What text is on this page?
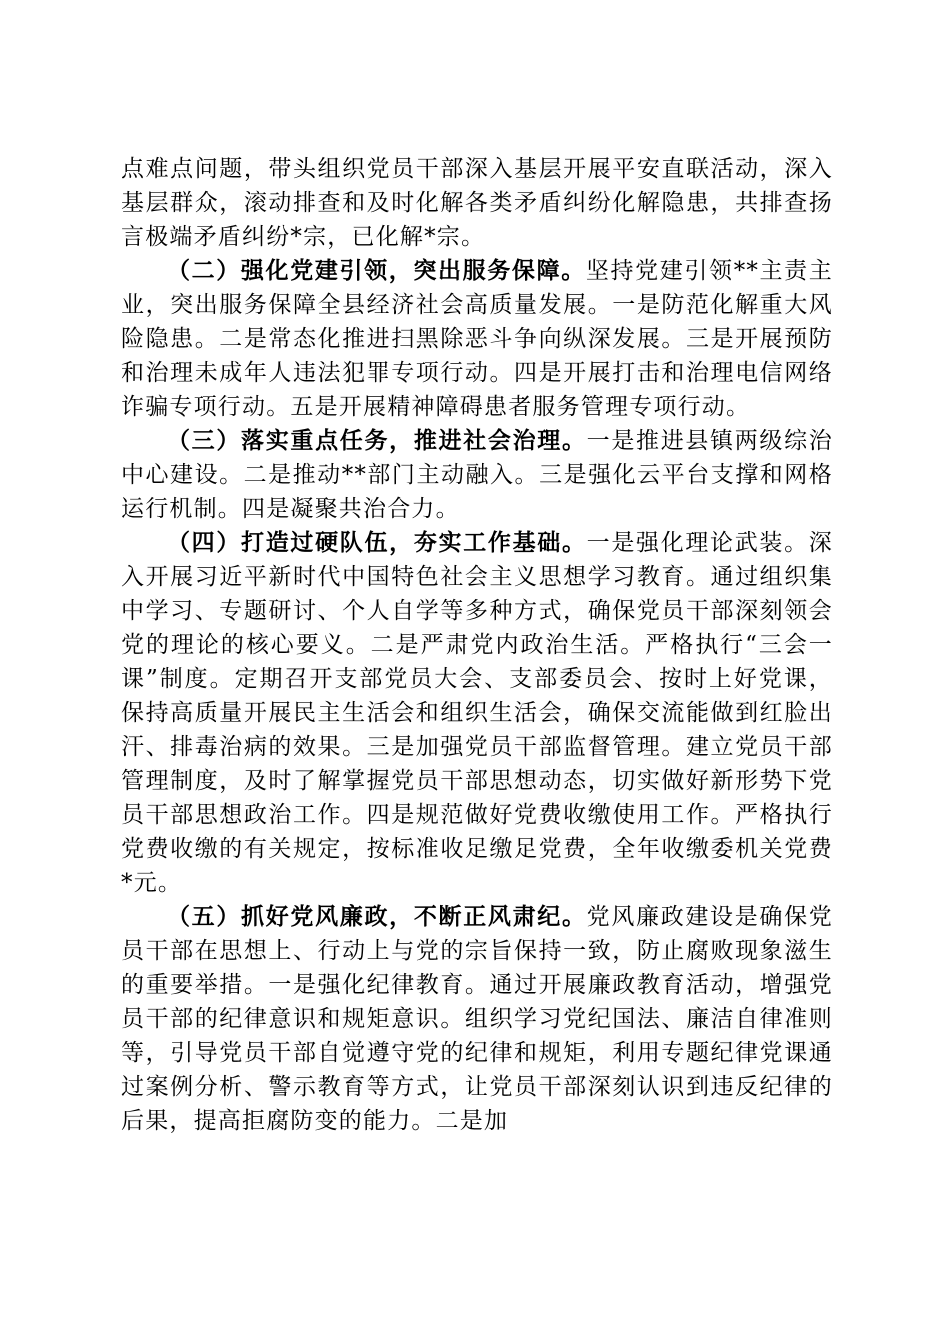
点难点问题，带头组织党员干部深入基层开展平安直联活动，深入基层群众，滚动排查和及时化解各类矛盾纠纷化解隐患，共排查扬言极端矛盾纠纷*宗，已化解*宗。

（二）强化党建引领，突出服务保障。坚持党建引领**主责主业，突出服务保障全县经济社会高质量发展。一是防范化解重大风险隐患。二是常态化推进扫黑除恶斗争向纵深发展。三是开展预防和治理未成年人违法犯罪专项行动。四是开展打击和治理电信网络诈骗专项行动。五是开展精神障碍患者服务管理专项行动。

（三）落实重点任务，推进社会治理。一是推进县镇两级综治中心建设。二是推动**部门主动融入。三是强化云平台支撑和网格运行机制。四是凝聚共治合力。

（四）打造过硬队伍，夯实工作基础。一是强化理论武装。深入开展习近平新时代中国特色社会主义思想学习教育。通过组织集中学习、专题研讨、个人自学等多种方式，确保党员干部深刻领会党的理论的核心要义。二是严肃党内政治生活。严格执行“三会一课”制度。定期召开支部党员大会、支部委员会、按时上好党课，保持高质量开展民主生活会和组织生活会，确保交流能做到红脸出汗、排毒治病的效果。三是加强党员干部监督管理。建立党员干部管理制度，及时了解掌握党员干部思想动态，切实做好新形势下党员干部思想政治工作。四是规范做好党费收缴使用工作。严格执行党费收缴的有关规定，按标准收足缴足党费，全年收缴委机关党费*元。

（五）抓好党风廉政，不断正风肃纪。党风廉政建设是确保党员干部在思想上、行动上与党的宗旨保持一致，防止腐败现象滋生的重要举措。一是强化纪律教育。通过开展廉政教育活动，增强党员干部的纪律意识和规矩意识。组织学习党纪国法、廉洁自律准则等，引导党员干部自觉遵守党的纪律和规矩，利用专题纪律党课通过案例分析、警示教育等方式，让党员干部深刻认识到违反纪律的后果，提高拒腐防变的能力。二是加
